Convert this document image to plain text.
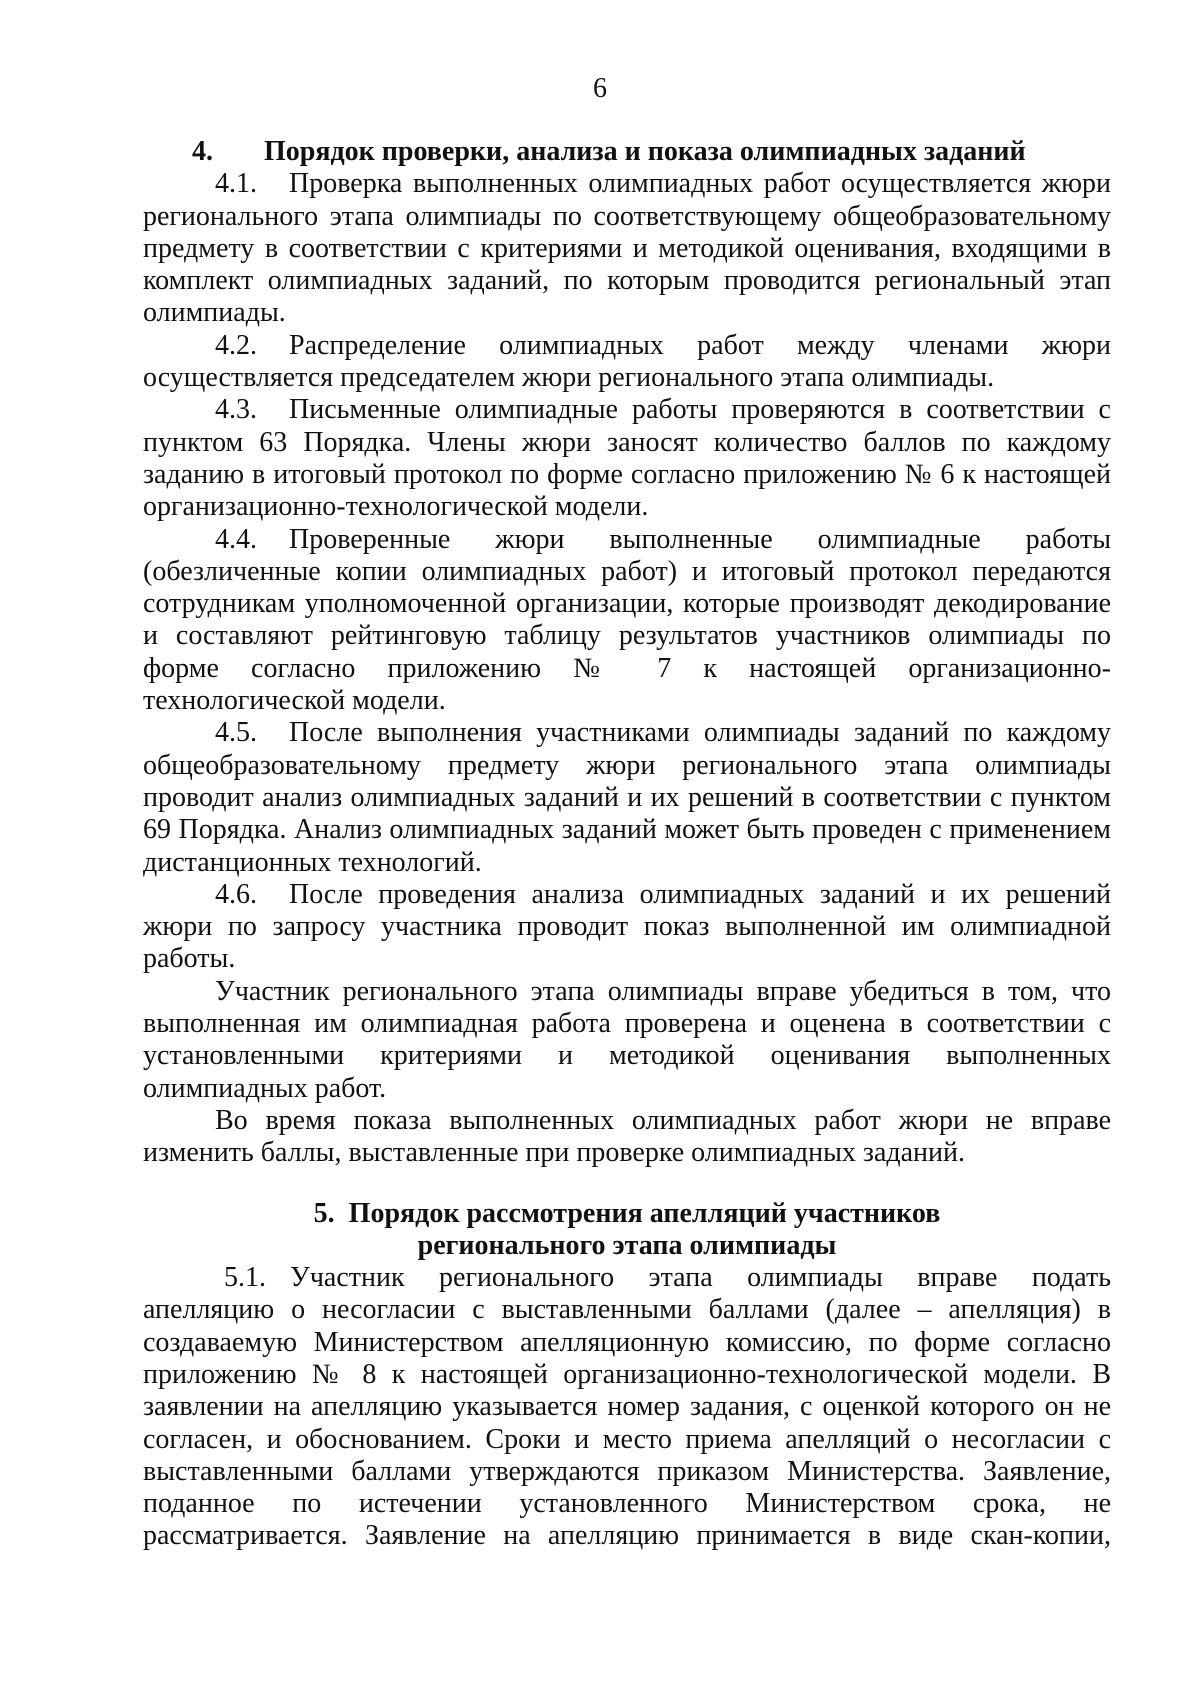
6
4. Порядок проверки, анализа и показа олимпиадных заданий

4.1. Проверка выполненных олимпиадных работ осуществляется жюри регионального этапа олимпиады по соответствующему общеобразовательному предмету в соответствии с критериями и методикой оценивания, входящими в комплект олимпиадных заданий, по которым проводится региональный этап олимпиады.

4.2. Распределение олимпиадных работ между членами жюри осуществляется председателем жюри регионального этапа олимпиады.

4.3. Письменные олимпиадные работы проверяются в соответствии с пунктом 63 Порядка. Члены жюри заносят количество баллов по каждому заданию в итоговый протокол по форме согласно приложению № 6 к настоящей организационно-технологической модели.

4.4. Проверенные жюри выполненные олимпиадные работы (обезличенные копии олимпиадных работ) и итоговый протокол передаются сотрудникам уполномоченной организации, которые производят декодирование и составляют рейтинговую таблицу результатов участников олимпиады по форме согласно приложению № 7 к настоящей организационно-технологической модели.

4.5. После выполнения участниками олимпиады заданий по каждому общеобразовательному предмету жюри регионального этапа олимпиады проводит анализ олимпиадных заданий и их решений в соответствии с пунктом 69 Порядка. Анализ олимпиадных заданий может быть проведен с применением дистанционных технологий.

4.6. После проведения анализа олимпиадных заданий и их решений жюри по запросу участника проводит показ выполненной им олимпиадной работы.

Участник регионального этапа олимпиады вправе убедиться в том, что выполненная им олимпиадная работа проверена и оценена в соответствии с установленными критериями и методикой оценивания выполненных олимпиадных работ.

Во время показа выполненных олимпиадных работ жюри не вправе изменить баллы, выставленные при проверке олимпиадных заданий.

5. Порядок рассмотрения апелляций участников
регионального этапа олимпиады

5.1. Участник регионального этапа олимпиады вправе подать апелляцию о несогласии с выставленными баллами (далее – апелляция) в создаваемую Министерством апелляционную комиссию, по форме согласно приложению № 8 к настоящей организационно-технологической модели. В заявлении на апелляцию указывается номер задания, с оценкой которого он не согласен, и обоснованием. Сроки и место приема апелляций о несогласии с выставленными баллами утверждаются приказом Министерства. Заявление, поданное по истечении установленного Министерством срока, не рассматривается. Заявление на апелляцию принимается в виде скан-копии,
